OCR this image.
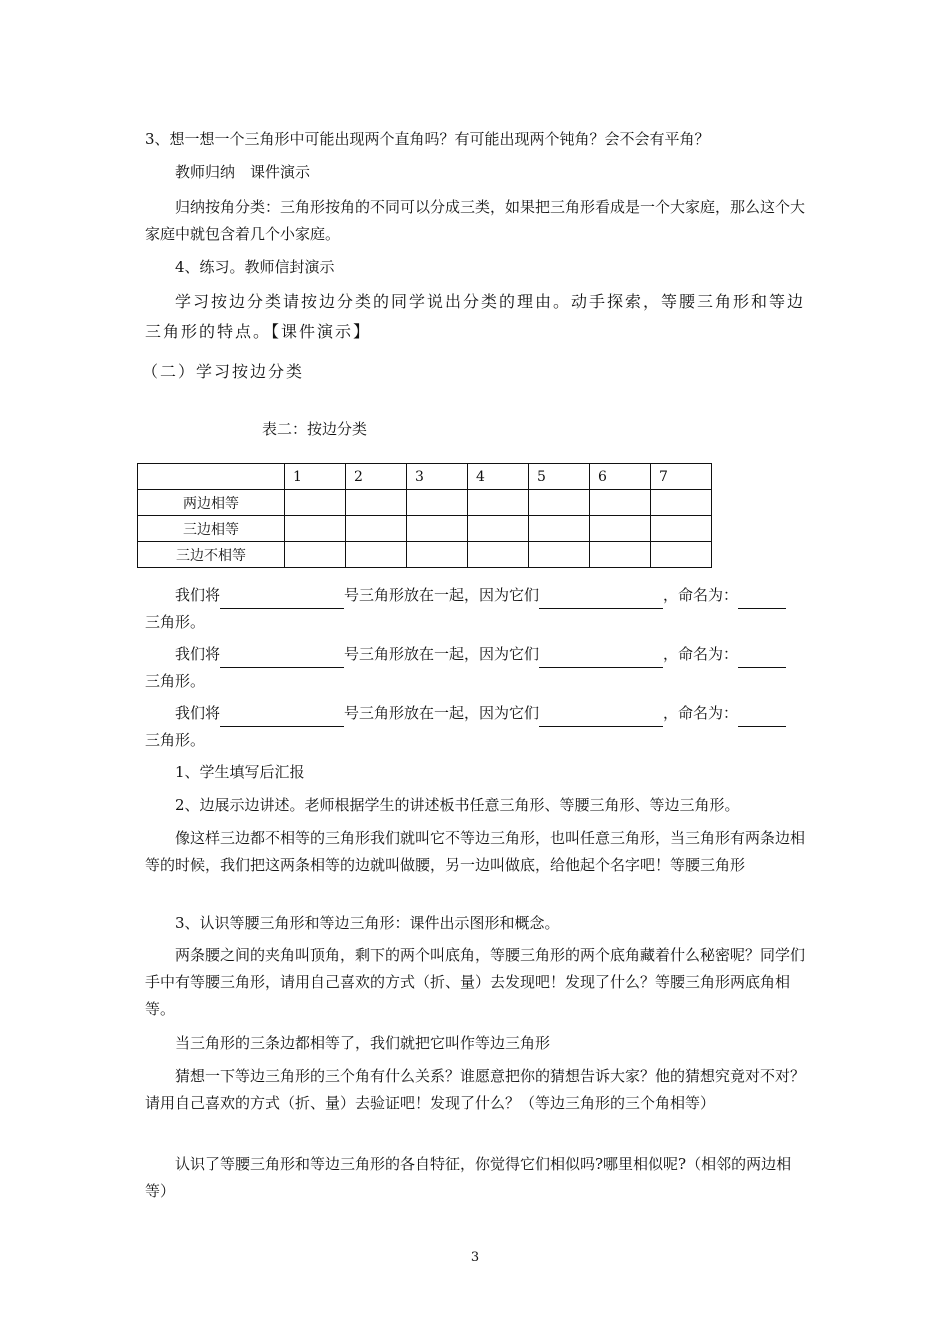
3、想一想一个三角形中可能出现两个直角吗？有可能出现两个钝角？会不会有平角？
教师归纳　课件演示
归纳按角分类：三角形按角的不同可以分成三类，如果把三角形看成是一个大家庭，那么这个大家庭中就包含着几个小家庭。
4、练习。教师信封演示
学习按边分类请按边分类的同学说出分类的理由。动手探索，等腰三角形和等边三角形的特点。【课件演示】
（二）学习按边分类
表二：按边分类
	1	2	3	4	5	6	7
两边相等							
三边相等							
三边不相等							
我们将	号三角形放在一起，因为它们	，命名为：
三角形。
我们将	号三角形放在一起，因为它们	，命名为：
三角形。
我们将	号三角形放在一起，因为它们	，命名为：
三角形。
1、学生填写后汇报
2、边展示边讲述。老师根据学生的讲述板书任意三角形、等腰三角形、等边三角形。
像这样三边都不相等的三角形我们就叫它不等边三角形，也叫任意三角形，当三角形有两条边相等的时候，我们把这两条相等的边就叫做腰，另一边叫做底，给他起个名字吧！等腰三角形
3、认识等腰三角形和等边三角形：课件出示图形和概念。
两条腰之间的夹角叫顶角，剩下的两个叫底角，等腰三角形的两个底角藏着什么秘密呢？同学们手中有等腰三角形，请用自己喜欢的方式（折、量）去发现吧！发现了什么？等腰三角形两底角相等。
当三角形的三条边都相等了，我们就把它叫作等边三角形
猜想一下等边三角形的三个角有什么关系？谁愿意把你的猜想告诉大家？他的猜想究竟对不对？请用自己喜欢的方式（折、量）去验证吧！发现了什么？（等边三角形的三个角相等）
认识了等腰三角形和等边三角形的各自特征，你觉得它们相似吗?哪里相似呢?（相邻的两边相等）
3
